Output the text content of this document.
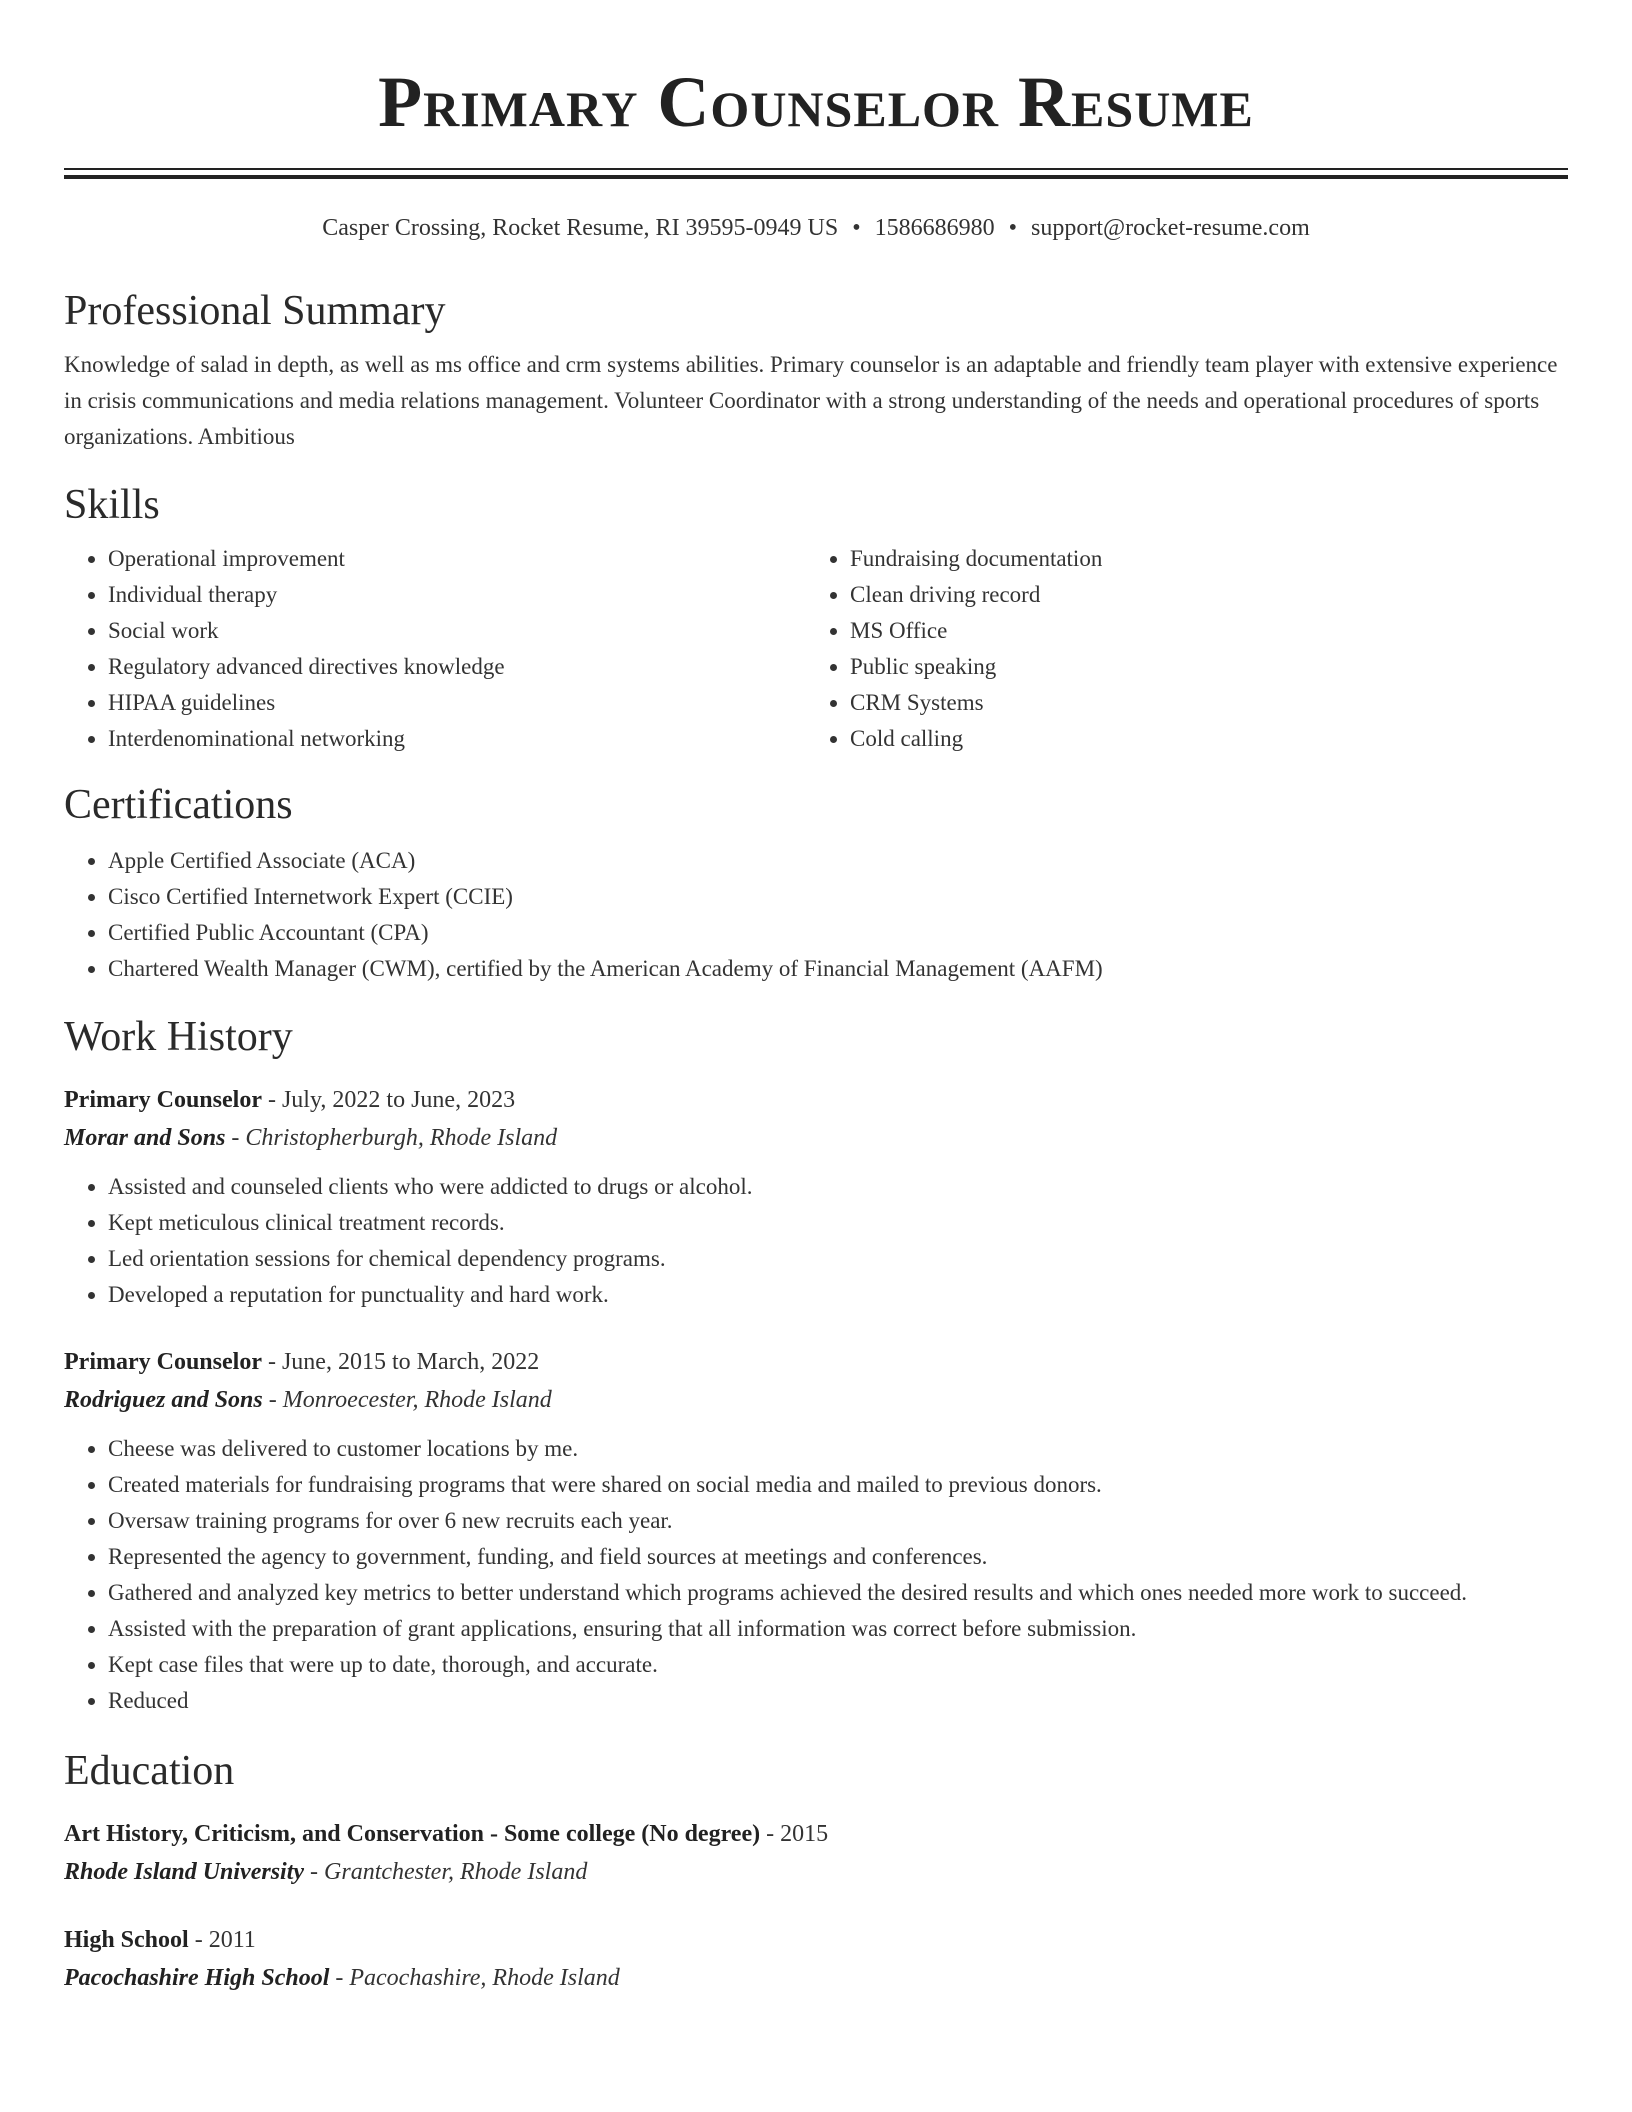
Primary Counselor Resume
Casper Crossing, Rocket Resume, RI 39595-0949 US • 1586686980 • support@rocket-resume.com
Professional Summary

Knowledge of salad in depth, as well as ms office and crm systems abilities. Primary counselor is an adaptable and friendly team player with extensive experience in crisis communications and media relations management. Volunteer Coordinator with a strong understanding of the needs and operational procedures of sports organizations. Ambitious

Skills
• Operational improvement
• Individual therapy
• Social work
• Regulatory advanced directives knowledge
• HIPAA guidelines
• Interdenominational networking
• Fundraising documentation
• Clean driving record
• MS Office
• Public speaking
• CRM Systems
• Cold calling
Certifications
• Apple Certified Associate (ACA)
• Cisco Certified Internetwork Expert (CCIE)
• Certified Public Accountant (CPA)
• Chartered Wealth Manager (CWM), certified by the American Academy of Financial Management (AAFM)
Work History
Primary Counselor - July, 2022 to June, 2023
Morar and Sons - Christopherburgh, Rhode Island
• Assisted and counseled clients who were addicted to drugs or alcohol.
• Kept meticulous clinical treatment records.
• Led orientation sessions for chemical dependency programs.
• Developed a reputation for punctuality and hard work.
Primary Counselor - June, 2015 to March, 2022
Rodriguez and Sons - Monroecester, Rhode Island
• Cheese was delivered to customer locations by me.
• Created materials for fundraising programs that were shared on social media and mailed to previous donors.
• Oversaw training programs for over 6 new recruits each year.
• Represented the agency to government, funding, and field sources at meetings and conferences.
• Gathered and analyzed key metrics to better understand which programs achieved the desired results and which ones needed more work to succeed.
• Assisted with the preparation of grant applications, ensuring that all information was correct before submission.
• Kept case files that were up to date, thorough, and accurate.
• Reduced
Education
Art History, Criticism, and Conservation - Some college (No degree) - 2015
Rhode Island University - Grantchester, Rhode Island
High School - 2011
Pacochashire High School - Pacochashire, Rhode Island
